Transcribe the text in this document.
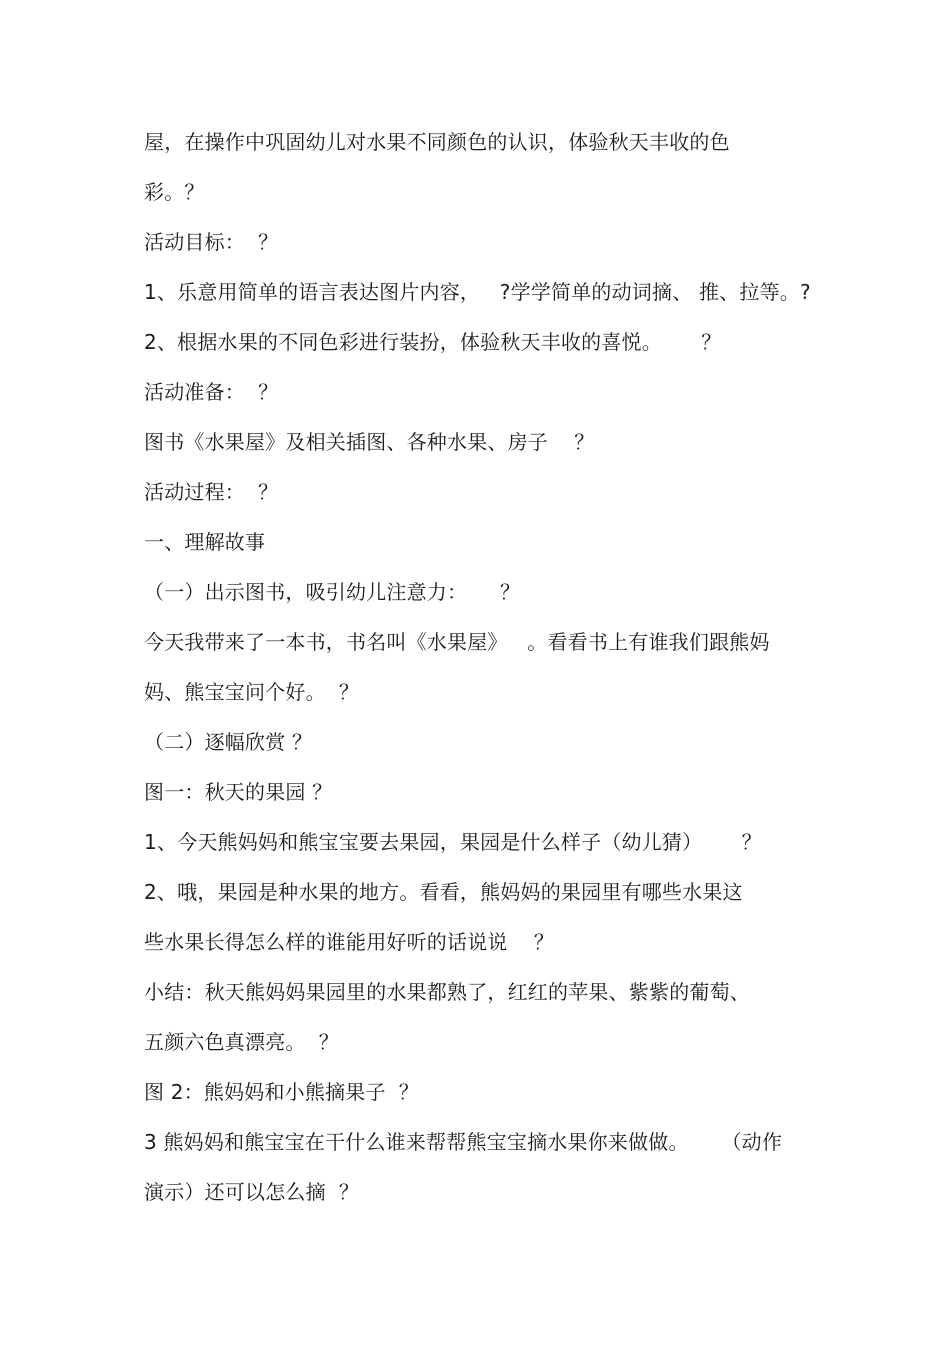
屋，在操作中巩固幼儿对水果不同颜色的认识，体验秋天丰收的色
彩。？
活动目标：  ？
1、乐意用简单的语言表达图片内容，   ?学学简单的动词摘、 推、拉等。?
2、根据水果的不同色彩进行装扮，体验秋天丰收的喜悦。      ？
活动准备：  ？
图书《水果屋》及相关插图、各种水果、房子    ？
活动过程：  ？
一、理解故事
（一）出示图书，吸引幼儿注意力：     ？
今天我带来了一本书，书名叫《水果屋》   。看看书上有谁我们跟熊妈
妈、熊宝宝问个好。  ？
（二）逐幅欣赏 ？
图一：秋天的果园 ？
1、今天熊妈妈和熊宝宝要去果园，果园是什么样子（幼儿猜）      ？
2、哦，果园是种水果的地方。看看，熊妈妈的果园里有哪些水果这
些水果长得怎么样的谁能用好听的话说说    ？
小结：秋天熊妈妈果园里的水果都熟了，红红的苹果、紫紫的葡萄、
五颜六色真漂亮。  ？
图 2：熊妈妈和小熊摘果子  ？
3 熊妈妈和熊宝宝在干什么谁来帮帮熊宝宝摘水果你来做做。     （动作
演示）还可以怎么摘  ？
